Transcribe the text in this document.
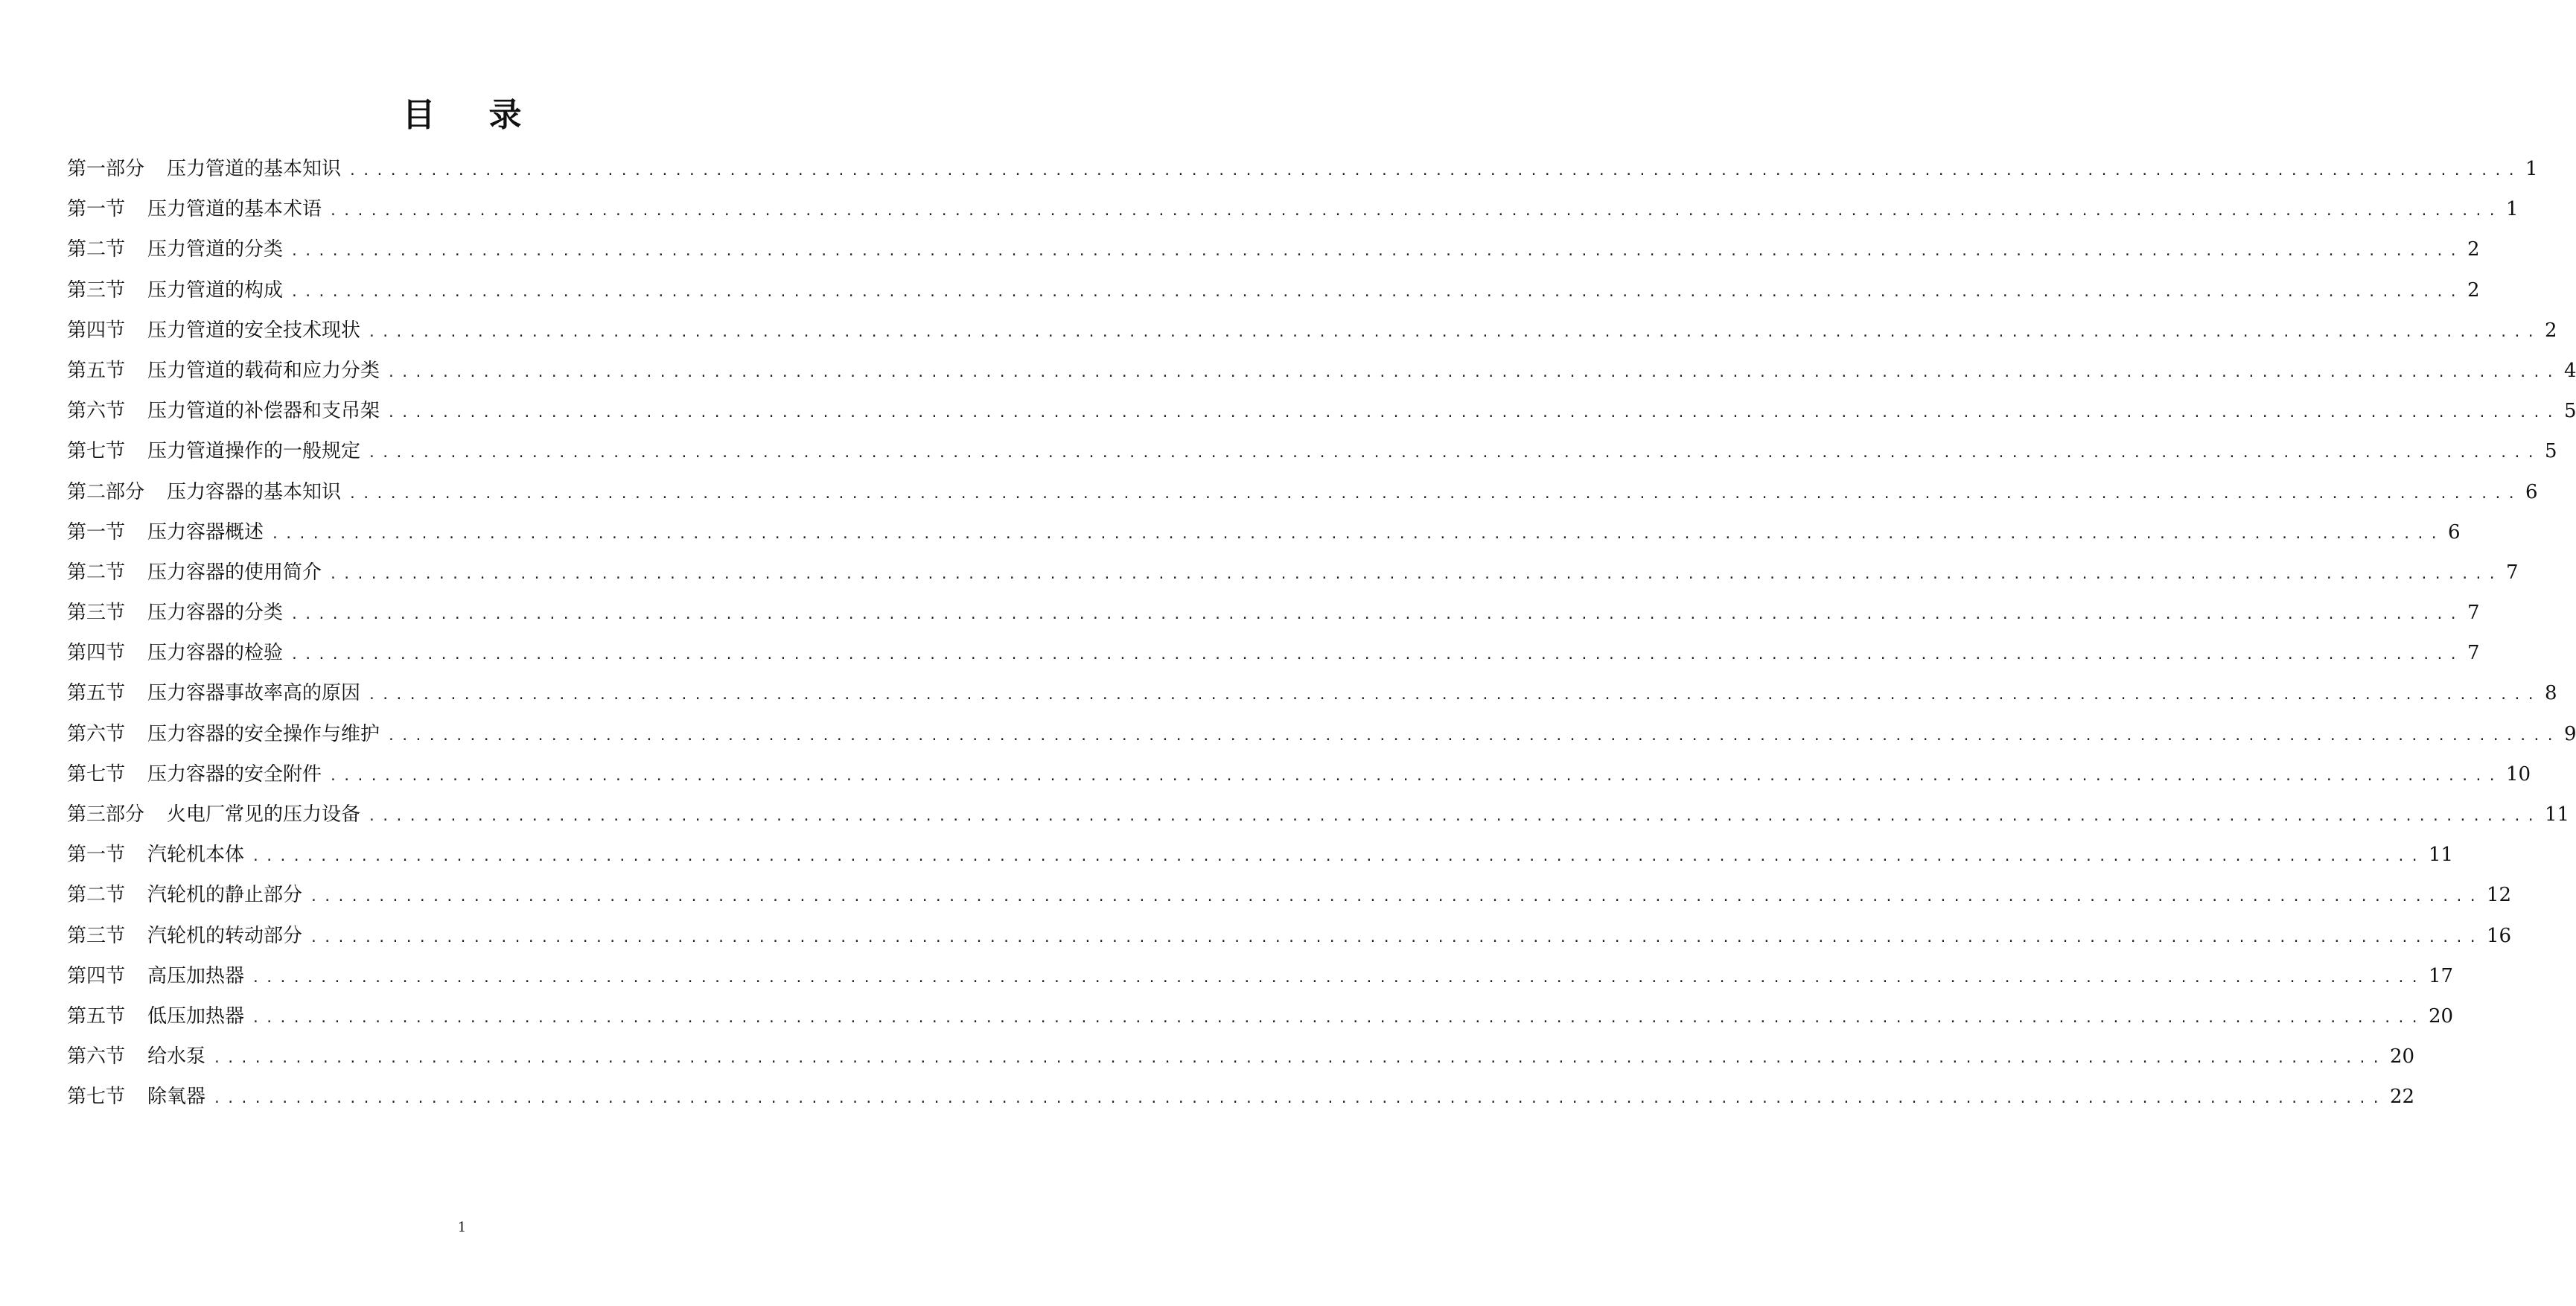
目 录
第一部分 压力管道的基本知识 ................................................................................................................................................................ 1
第一节 压力管道的基本术语 ................................................................................................................................................................ 1
第二节 压力管道的分类 ................................................................................................................................................................ 2
第三节 压力管道的构成 ................................................................................................................................................................ 2
第四节 压力管道的安全技术现状 ................................................................................................................................................................ 2
第五节 压力管道的载荷和应力分类 ................................................................................................................................................................ 4
第六节 压力管道的补偿器和支吊架 ................................................................................................................................................................ 5
第七节 压力管道操作的一般规定 ................................................................................................................................................................ 5
第二部分 压力容器的基本知识 ................................................................................................................................................................ 6
第一节 压力容器概述 ................................................................................................................................................................ 6
第二节 压力容器的使用简介 ................................................................................................................................................................ 7
第三节 压力容器的分类 ................................................................................................................................................................ 7
第四节 压力容器的检验 ................................................................................................................................................................ 7
第五节 压力容器事故率高的原因 ................................................................................................................................................................ 8
第六节 压力容器的安全操作与维护 ................................................................................................................................................................ 9
第七节 压力容器的安全附件 ................................................................................................................................................................ 10
第三部分 火电厂常见的压力设备 ................................................................................................................................................................ 11
第一节 汽轮机本体 ................................................................................................................................................................ 11
第二节 汽轮机的静止部分 ................................................................................................................................................................ 12
第三节 汽轮机的转动部分 ................................................................................................................................................................ 16
第四节 高压加热器 ................................................................................................................................................................ 17
第五节 低压加热器 ................................................................................................................................................................ 20
第六节 给水泵 ................................................................................................................................................................ 20
第七节 除氧器 ................................................................................................................................................................ 22
1
